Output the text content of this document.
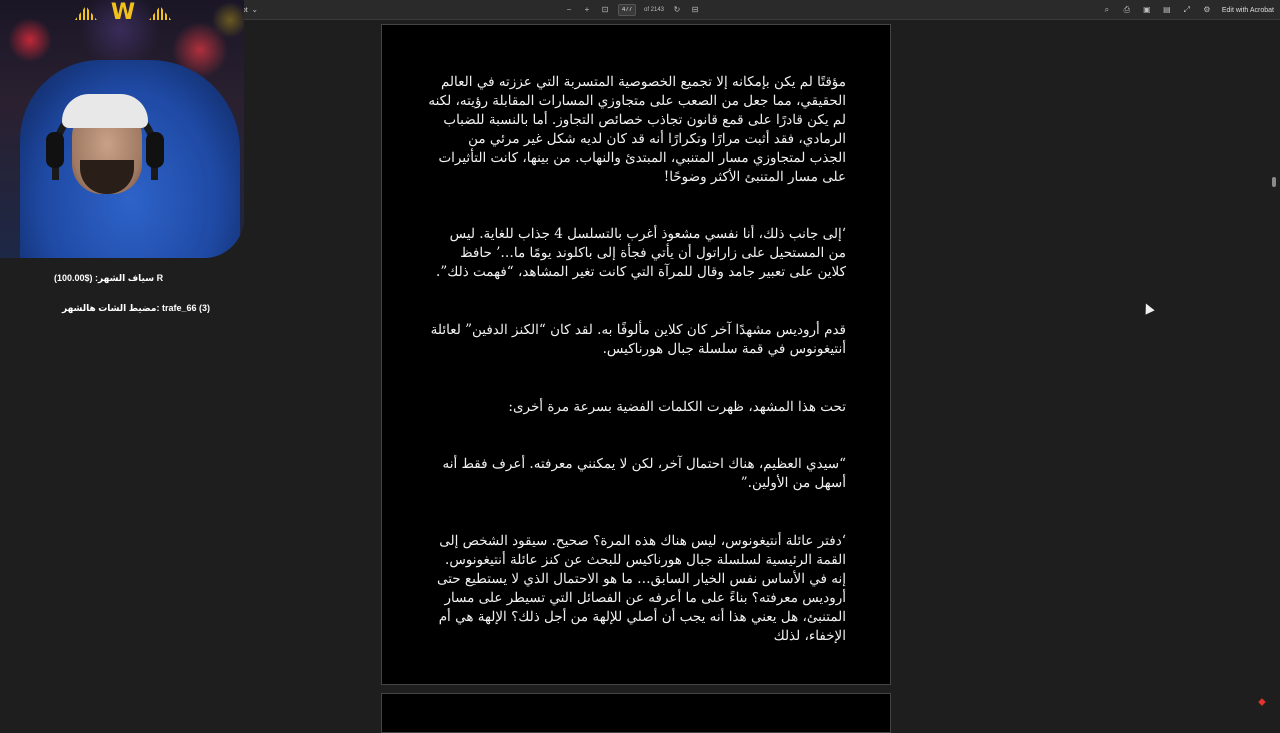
⌄	−	+	⊡
477	of 2143 ↻ ⊟	⌕	⎙ ▣ ▤ ⤢ ⚙ Edit with Acrobat

مؤقتًا لم يكن بإمكانه إلا تجميع الخصوصية المتسربة التي عززته في العالم الحقيقي، مما جعل من الصعب على متجاوزي المسارات المقابلة رؤيته، لكنه لم يكن قادرًا على قمع قانون تجاذب خصائص التجاوز. أما بالنسبة للضباب الرمادي، فقد أثبت مرارًا وتكرارًا أنه قد كان لديه شكل غير مرئي من الجذب لمتجاوزي مسار المتنبي، المبتدئ والنهاب. من بينها، كانت التأثيرات على مسار المتنبئ الأكثر وضوحًا!

‘إلى جانب ذلك، أنا نفسي مشعوذ أغرب بالتسلسل 4 جذاب للغاية. ليس من المستحيل على زاراتول أن يأتي فجأة إلى باكلوند يومًا ما…’ حافظ كلاين على تعبير جامد وقال للمرآة التي كانت تغير المشاهد، “فهمت ذلك”.

قدم أروديس مشهدًا آخر كان كلاين مألوفًا به. لقد كان “الكنز الدفين” لعائلة أنتيغونوس في قمة سلسلة جبال هورناكيس.

تحت هذا المشهد، ظهرت الكلمات الفضية بسرعة مرة أخرى:

“سيدي العظيم، هناك احتمال آخر، لكن لا يمكنني معرفته. أعرف فقط أنه أسهل من الأولين.”

‘دفتر عائلة أنتيغونوس، ليس هناك هذه المرة؟ صحيح. سيقود الشخص إلى القمة الرئيسية لسلسلة جبال هورناكيس للبحث عن كنز عائلة أنتيغونوس. إنه في الأساس نفس الخيار السابق… ما هو الاحتمال الذي لا يستطيع حتى أروديس معرفته؟ بناءً على ما أعرفه عن الفصائل التي تسيطر على مسار المتنبئ، هل يعني هذا أنه يجب أن أصلي للإلهة من أجل ذلك؟ الإلهة هي أم الإخفاء، لذلك

W
سياف الشهر: ($100.00) R
مضيط الشات هالشهر: trafe_66 (3)
⬥
